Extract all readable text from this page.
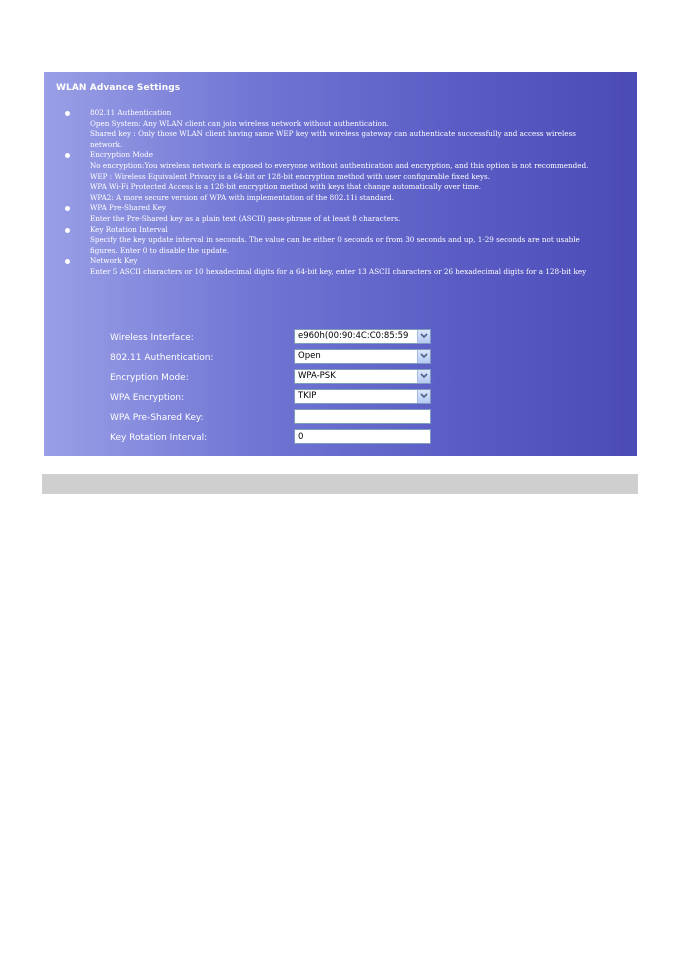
WLAN Advance Settings
802.11 Authentication
Open System: Any WLAN client can join wireless network without authentication.
Shared key : Only those WLAN client having same WEP key with wireless gateway can authenticate successfully and access wireless
network.
Encryption Mode
No encryption:You wireless network is exposed to everyone without authentication and encryption, and this option is not recommended.
WEP : Wireless Equivalent Privacy is a 64-bit or 128-bit encryption method with user configurable fixed keys.
WPA Wi-Fi Protected Access is a 128-bit encryption method with keys that change automatically over time.
WPA2: A more secure version of WPA with implementation of the 802.11i standard.
WPA Pre-Shared Key
Enter the Pre-Shared key as a plain text (ASCII) pass-phrase of at least 8 characters.
Key Rotation Interval
Specify the key update interval in seconds. The value can be either 0 seconds or from 30 seconds and up, 1-29 seconds are not usable
figures. Enter 0 to disable the update.
Network Key
Enter 5 ASCII characters or 10 hexadecimal digits for a 64-bit key, enter 13 ASCII characters or 26 hexadecimal digits for a 128-bit key
Wireless Interface:	e960h(00:90:4C:C0:85:59
802.11 Authentication:	Open
Encryption Mode:	WPA-PSK
WPA Encryption:	TKIP
WPA Pre-Shared Key:
Key Rotation Interval:
0
